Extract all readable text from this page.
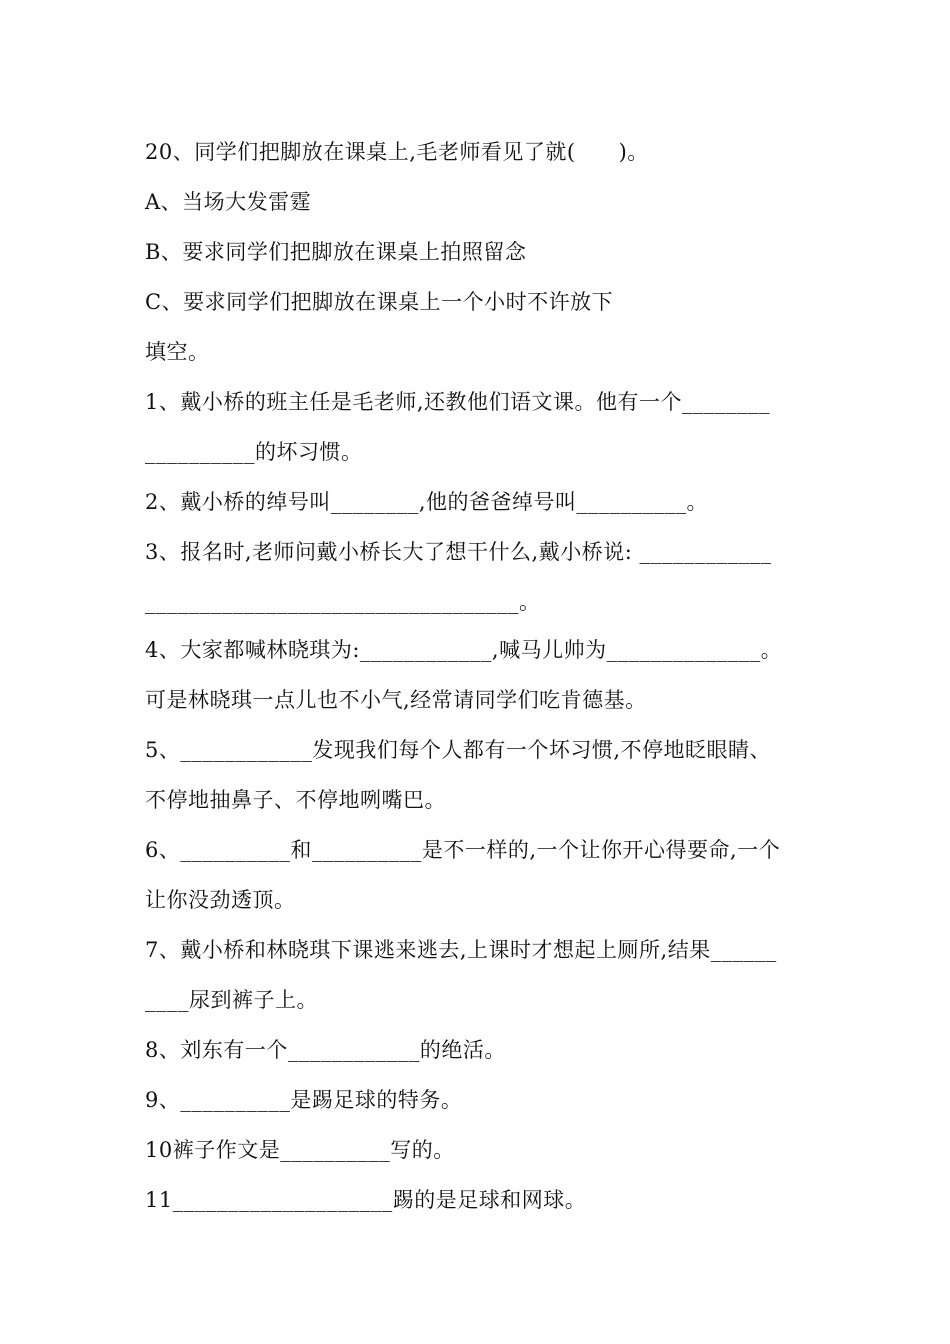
20、同学们把脚放在课桌上,毛老师看见了就(　　)。
A、当场大发雷霆
B、要求同学们把脚放在课桌上拍照留念
C、要求同学们把脚放在课桌上一个小时不许放下
填空。
1、戴小桥的班主任是毛老师,还教他们语文课。他有一个________
__________的坏习惯。
2、戴小桥的绰号叫________,他的爸爸绰号叫__________。
3、报名时,老师问戴小桥长大了想干什么,戴小桥说: ____________
__________________________________。
4、大家都喊林晓琪为:____________,喊马儿帅为______________。
可是林晓琪一点儿也不小气,经常请同学们吃肯德基。
5、____________发现我们每个人都有一个坏习惯,不停地眨眼睛、
不停地抽鼻子、不停地咧嘴巴。
6、__________和__________是不一样的,一个让你开心得要命,一个
让你没劲透顶。
7、戴小桥和林晓琪下课逃来逃去,上课时才想起上厕所,结果______
____尿到裤子上。
8、刘东有一个____________的绝活。
9、__________是踢足球的特务。
10裤子作文是__________写的。
11____________________踢的是足球和网球。
